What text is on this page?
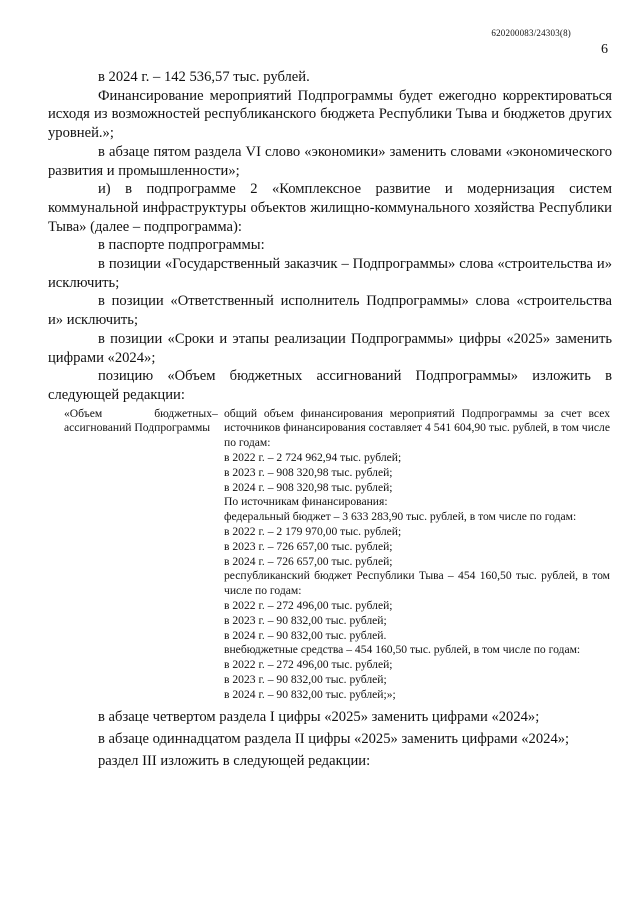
620200083/24303(8)
6

в 2024 г. – 142 536,57 тыс. рублей.

Финансирование мероприятий Подпрограммы будет ежегодно корректироваться исходя из возможностей республиканского бюджета Республики Тыва и бюджетов других уровней.»;

в абзаце пятом раздела VI слово «экономики» заменить словами «экономического развития и промышленности»;

и) в подпрограмме 2 «Комплексное развитие и модернизация систем коммунальной инфраструктуры объектов жилищно-коммунального хозяйства Республики Тыва» (далее – подпрограмма):

в паспорте подпрограммы:

в позиции «Государственный заказчик – Подпрограммы» слова «строительства и» исключить;

в позиции «Ответственный исполнитель Подпрограммы» слова «строительства и» исключить;

в позиции «Сроки и этапы реализации Подпрограммы» цифры «2025» заменить цифрами «2024»;

позицию «Объем бюджетных ассигнований Подпрограммы» изложить в следующей редакции:

«Объем бюджетных ассигнований Подпрограммы
– общий объем финансирования мероприятий Подпрограммы за счет всех источников финансирования составляет 4 541 604,90 тыс. рублей, в том числе по годам:
в 2022 г. – 2 724 962,94 тыс. рублей;
в 2023 г. – 908 320,98 тыс. рублей;
в 2024 г. – 908 320,98 тыс. рублей;
По источникам финансирования:
федеральный бюджет – 3 633 283,90 тыс. рублей, в том числе по годам:
в 2022 г. – 2 179 970,00 тыс. рублей;
в 2023 г. – 726 657,00 тыс. рублей;
в 2024 г. – 726 657,00 тыс. рублей;
республиканский бюджет Республики Тыва – 454 160,50 тыс. рублей, в том числе по годам:
в 2022 г. – 272 496,00 тыс. рублей;
в 2023 г. – 90 832,00 тыс. рублей;
в 2024 г. – 90 832,00 тыс. рублей.
внебюджетные средства – 454 160,50 тыс. рублей, в том числе по годам:
в 2022 г. – 272 496,00 тыс. рублей;
в 2023 г. – 90 832,00 тыс. рублей;
в 2024 г. – 90 832,00 тыс. рублей;»;

в абзаце четвертом раздела I цифры «2025» заменить цифрами «2024»;

в абзаце одиннадцатом раздела II цифры «2025» заменить цифрами «2024»;

раздел III изложить в следующей редакции:
